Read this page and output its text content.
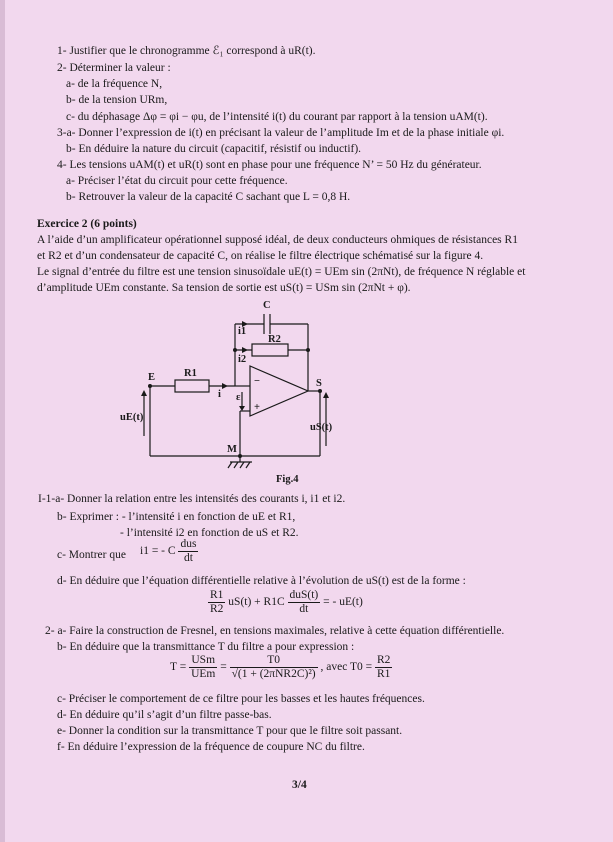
1- Justifier que le chronogramme ℰ₁ correspond à uR(t).
2- Déterminer la valeur :
a- de la fréquence N,
b- de la tension URm,
c- du déphasage Δφ = φi − φu, de l’intensité i(t) du courant par rapport à la tension uAM(t).
3-a- Donner l’expression de i(t) en précisant la valeur de l’amplitude Im et de la phase initiale φi.
b- En déduire la nature du circuit (capacitif, résistif ou inductif).
4- Les tensions uAM(t) et uR(t) sont en phase pour une fréquence N’ = 50 Hz du générateur.
a- Préciser l’état du circuit pour cette fréquence.
b- Retrouver la valeur de la capacité C sachant que L = 0,8 H.
Exercice 2 (6 points)
A l’aide d’un amplificateur opérationnel supposé idéal, de deux conducteurs ohmiques de résistances R1
et R2 et d’un condensateur de capacité C, on réalise le filtre électrique schématisé sur la figure 4.
Le signal d’entrée du filtre est une tension sinusoïdale uE(t) = UEm sin (2πNt), de fréquence N réglable et
d’amplitude UEm constante. Sa tension de sortie est uS(t) = USm sin (2πNt + φ).
C
R2
R1
i1
i2
i
E
S
M
ε
−
+
uE(t)
uS(t)
Fig.4
I-1-a- Donner la relation entre les intensités des courants i, i1 et i2.
b- Exprimer : - l’intensité i en fonction de uE et R1,
- l’intensité i2 en fonction de uS et R2.
c- Montrer que i1 = - C $\frac{\text{dus}}{dt}$
d- En déduire que l’équation différentielle relative à l’évolution de uS(t) est de la forme :
$\frac{R1}{R2} uS(t) + R1C \frac{\text{duS(t)}}{dt}$ = - uE(t)
2- a- Faire la construction de Fresnel, en tensions maximales, relative à cette équation différentielle.
b- En déduire que la transmittance T du filtre a pour expression :
$T = \frac{\text{USm}}{\text{UEm}} = \frac{T0}{\text{√(1 + (2πNR2C)²)}}$ , avec $T0 = \frac{R2}{R1}$
c- Préciser le comportement de ce filtre pour les basses et les hautes fréquences.
d- En déduire qu’il s’agit d’un filtre passe-bas.
e- Donner la condition sur la transmittance T pour que le filtre soit passant.
f- En déduire l’expression de la fréquence de coupure NC du filtre.
3/4
